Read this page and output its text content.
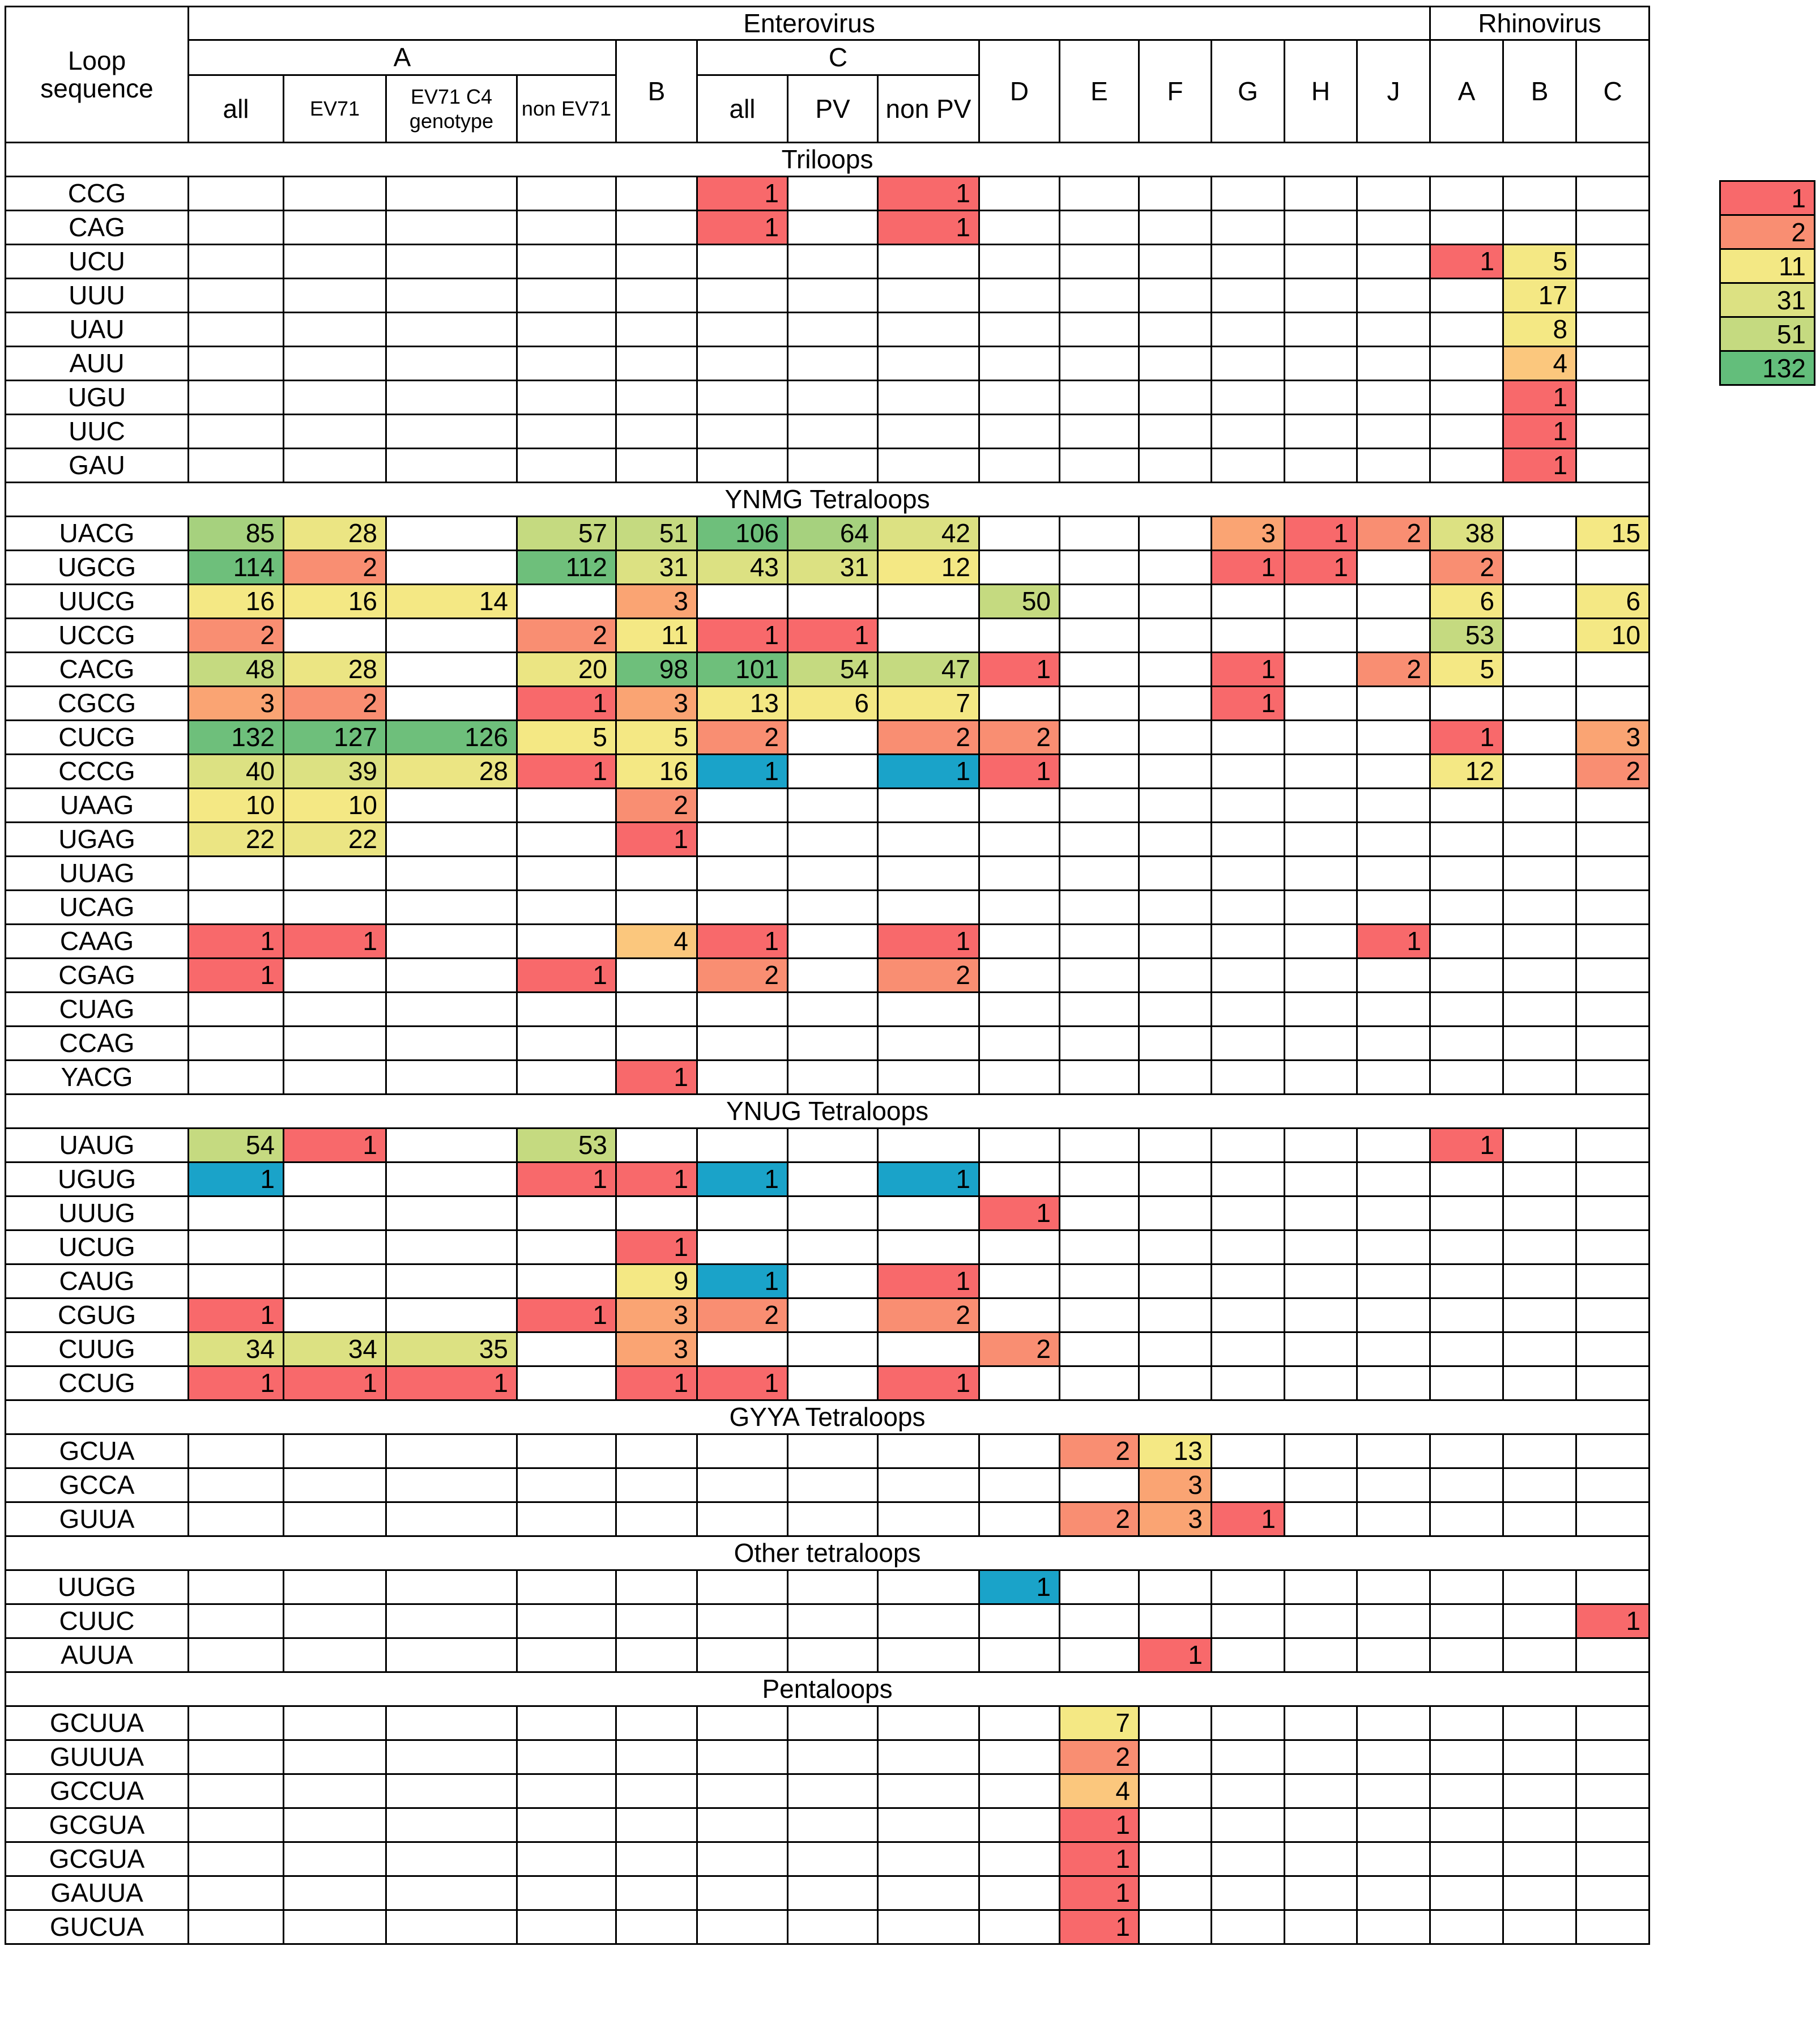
Loop
sequence	Enterovirus														Rhinovirus		
	A				B	C			D	E	F	G	H	J	A	B	C
	all	EV71	EV71 C4 genotype	non EV71		all	PV	non PV									
Triloops																	
CCG						1		1									
CAG						1		1									
UCU															1	5	
UUU																17	
UAU																8	
AUU																4	
UGU																1	
UUC																1	
GAU																1	
YNMG Tetraloops																	
UACG	85	28		57	51	106	64	42				3	1	2	38		15
UGCG	114	2		112	31	43	31	12				1	1		2		
UUCG	16	16	14		3				50						6		6
UCCG	2			2	11	1	1								53		10
CACG	48	28		20	98	101	54	47	1			1		2	5		
CGCG	3	2		1	3	13	6	7				1					
CUCG	132	127	126	5	5	2		2	2						1		3
CCCG	40	39	28	1	16	1		1	1						12		2
UAAG	10	10			2												
UGAG	22	22			1												
UUAG																	
UCAG																	
CAAG	1	1			4	1		1						1			
CGAG	1			1		2		2									
CUAG																	
CCAG																	
YACG					1												
YNUG Tetraloops																	
UAUG	54	1		53											1		
UGUG	1			1	1	1		1									
UUUG									1								
UCUG					1												
CAUG					9	1		1									
CGUG	1			1	3	2		2									
CUUG	34	34	35		3				2								
CCUG	1	1	1		1	1		1									
GYYA Tetraloops																	
GCUA										2	13						
GCCA											3						
GUUA										2	3	1					
Other tetraloops																	
UUGG									1								
CUUC																	1
AUUA											1						
Pentaloops																	
GCUUA										7							
GUUUA										2							
GCCUA										4							
GCGUA										1							
GCGUA										1							
GAUUA										1							
GUCUA										1							
1
2
11
31
51
132
